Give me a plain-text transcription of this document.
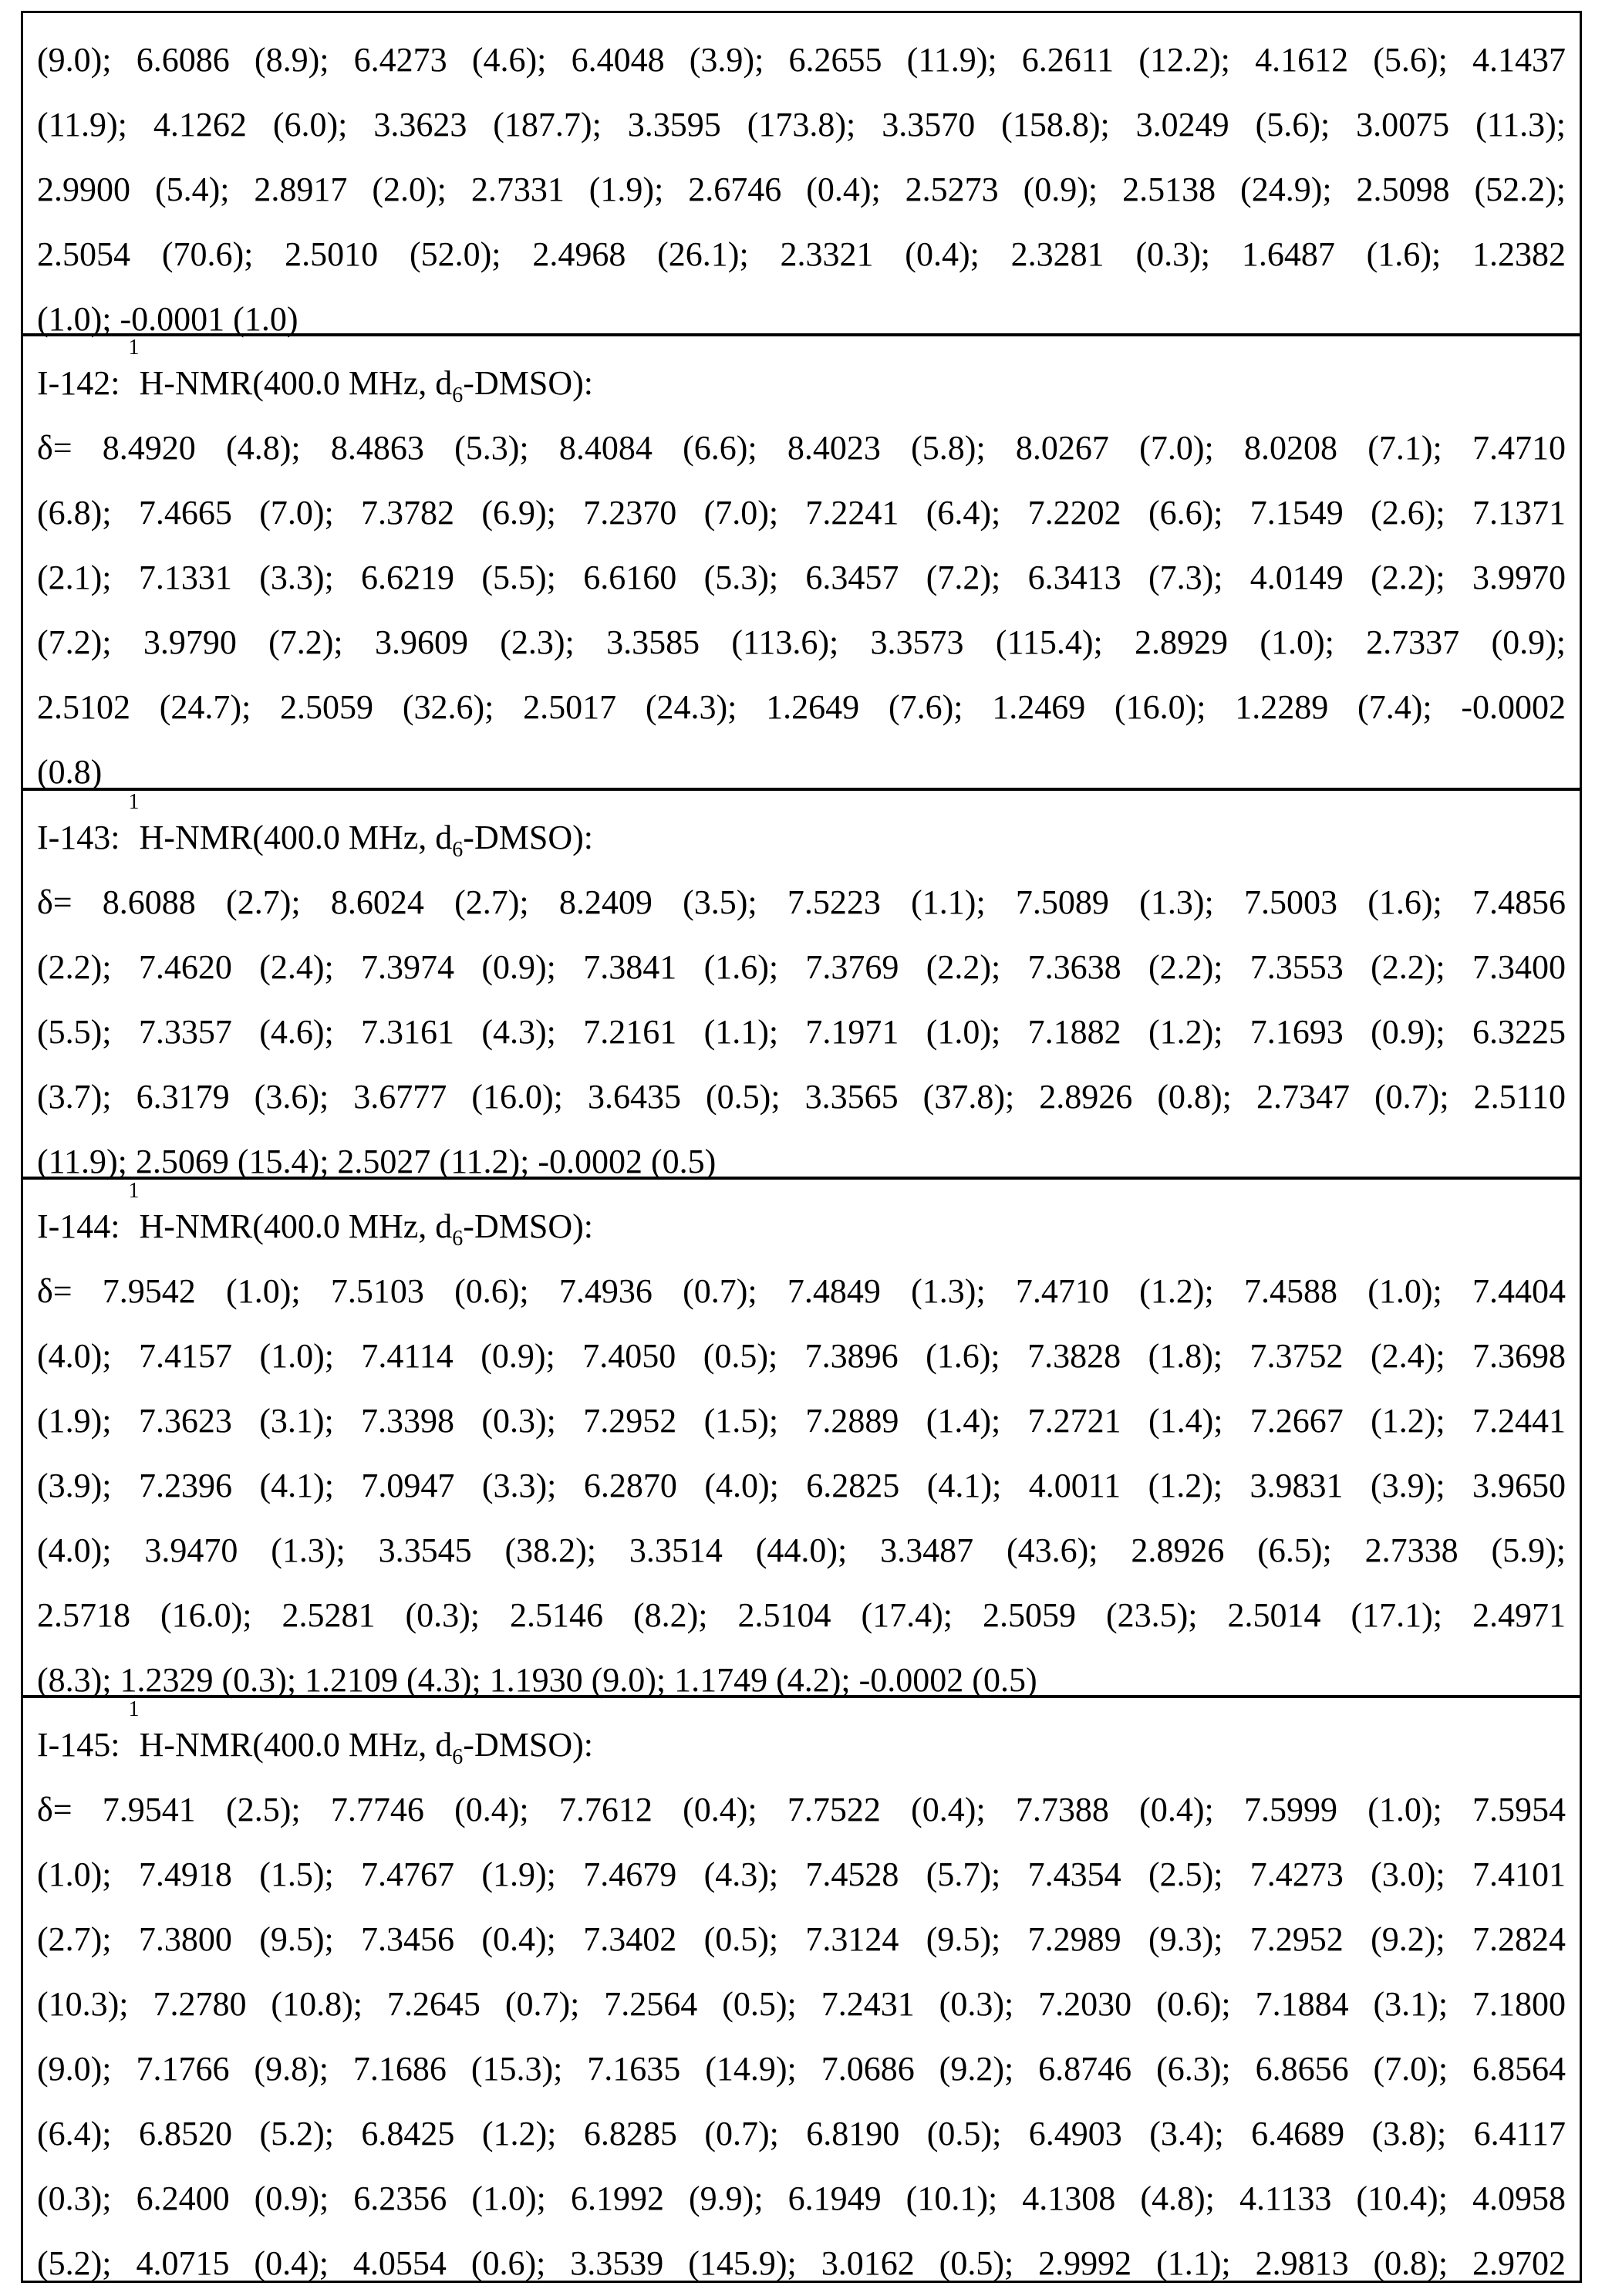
(9.0); 6.6086 (8.9); 6.4273 (4.6); 6.4048 (3.9); 6.2655 (11.9); 6.2611 (12.2); 4.1612 (5.6); 4.1437
(11.9); 4.1262 (6.0); 3.3623 (187.7); 3.3595 (173.8); 3.3570 (158.8); 3.0249 (5.6); 3.0075 (11.3);
2.9900 (5.4); 2.8917 (2.0); 2.7331 (1.9); 2.6746 (0.4); 2.5273 (0.9); 2.5138 (24.9); 2.5098 (52.2);
2.5054 (70.6); 2.5010 (52.0); 2.4968 (26.1); 2.3321 (0.4); 2.3281 (0.3); 1.6487 (1.6); 1.2382
(1.0); -0.0001 (1.0)
I-142: 1H-NMR(400.0 MHz, d6-DMSO):
δ= 8.4920 (4.8); 8.4863 (5.3); 8.4084 (6.6); 8.4023 (5.8); 8.0267 (7.0); 8.0208 (7.1); 7.4710
(6.8); 7.4665 (7.0); 7.3782 (6.9); 7.2370 (7.0); 7.2241 (6.4); 7.2202 (6.6); 7.1549 (2.6); 7.1371
(2.1); 7.1331 (3.3); 6.6219 (5.5); 6.6160 (5.3); 6.3457 (7.2); 6.3413 (7.3); 4.0149 (2.2); 3.9970
(7.2); 3.9790 (7.2); 3.9609 (2.3); 3.3585 (113.6); 3.3573 (115.4); 2.8929 (1.0); 2.7337 (0.9);
2.5102 (24.7); 2.5059 (32.6); 2.5017 (24.3); 1.2649 (7.6); 1.2469 (16.0); 1.2289 (7.4); -0.0002
(0.8)
I-143: 1H-NMR(400.0 MHz, d6-DMSO):
δ= 8.6088 (2.7); 8.6024 (2.7); 8.2409 (3.5); 7.5223 (1.1); 7.5089 (1.3); 7.5003 (1.6); 7.4856
(2.2); 7.4620 (2.4); 7.3974 (0.9); 7.3841 (1.6); 7.3769 (2.2); 7.3638 (2.2); 7.3553 (2.2); 7.3400
(5.5); 7.3357 (4.6); 7.3161 (4.3); 7.2161 (1.1); 7.1971 (1.0); 7.1882 (1.2); 7.1693 (0.9); 6.3225
(3.7); 6.3179 (3.6); 3.6777 (16.0); 3.6435 (0.5); 3.3565 (37.8); 2.8926 (0.8); 2.7347 (0.7); 2.5110
(11.9); 2.5069 (15.4); 2.5027 (11.2); -0.0002 (0.5)
I-144: 1H-NMR(400.0 MHz, d6-DMSO):
δ= 7.9542 (1.0); 7.5103 (0.6); 7.4936 (0.7); 7.4849 (1.3); 7.4710 (1.2); 7.4588 (1.0); 7.4404
(4.0); 7.4157 (1.0); 7.4114 (0.9); 7.4050 (0.5); 7.3896 (1.6); 7.3828 (1.8); 7.3752 (2.4); 7.3698
(1.9); 7.3623 (3.1); 7.3398 (0.3); 7.2952 (1.5); 7.2889 (1.4); 7.2721 (1.4); 7.2667 (1.2); 7.2441
(3.9); 7.2396 (4.1); 7.0947 (3.3); 6.2870 (4.0); 6.2825 (4.1); 4.0011 (1.2); 3.9831 (3.9); 3.9650
(4.0); 3.9470 (1.3); 3.3545 (38.2); 3.3514 (44.0); 3.3487 (43.6); 2.8926 (6.5); 2.7338 (5.9);
2.5718 (16.0); 2.5281 (0.3); 2.5146 (8.2); 2.5104 (17.4); 2.5059 (23.5); 2.5014 (17.1); 2.4971
(8.3); 1.2329 (0.3); 1.2109 (4.3); 1.1930 (9.0); 1.1749 (4.2); -0.0002 (0.5)
I-145: 1H-NMR(400.0 MHz, d6-DMSO):
δ= 7.9541 (2.5); 7.7746 (0.4); 7.7612 (0.4); 7.7522 (0.4); 7.7388 (0.4); 7.5999 (1.0); 7.5954
(1.0); 7.4918 (1.5); 7.4767 (1.9); 7.4679 (4.3); 7.4528 (5.7); 7.4354 (2.5); 7.4273 (3.0); 7.4101
(2.7); 7.3800 (9.5); 7.3456 (0.4); 7.3402 (0.5); 7.3124 (9.5); 7.2989 (9.3); 7.2952 (9.2); 7.2824
(10.3); 7.2780 (10.8); 7.2645 (0.7); 7.2564 (0.5); 7.2431 (0.3); 7.2030 (0.6); 7.1884 (3.1); 7.1800
(9.0); 7.1766 (9.8); 7.1686 (15.3); 7.1635 (14.9); 7.0686 (9.2); 6.8746 (6.3); 6.8656 (7.0); 6.8564
(6.4); 6.8520 (5.2); 6.8425 (1.2); 6.8285 (0.7); 6.8190 (0.5); 6.4903 (3.4); 6.4689 (3.8); 6.4117
(0.3); 6.2400 (0.9); 6.2356 (1.0); 6.1992 (9.9); 6.1949 (10.1); 4.1308 (4.8); 4.1133 (10.4); 4.0958
(5.2); 4.0715 (0.4); 4.0554 (0.6); 3.3539 (145.9); 3.0162 (0.5); 2.9992 (1.1); 2.9813 (0.8); 2.9702
